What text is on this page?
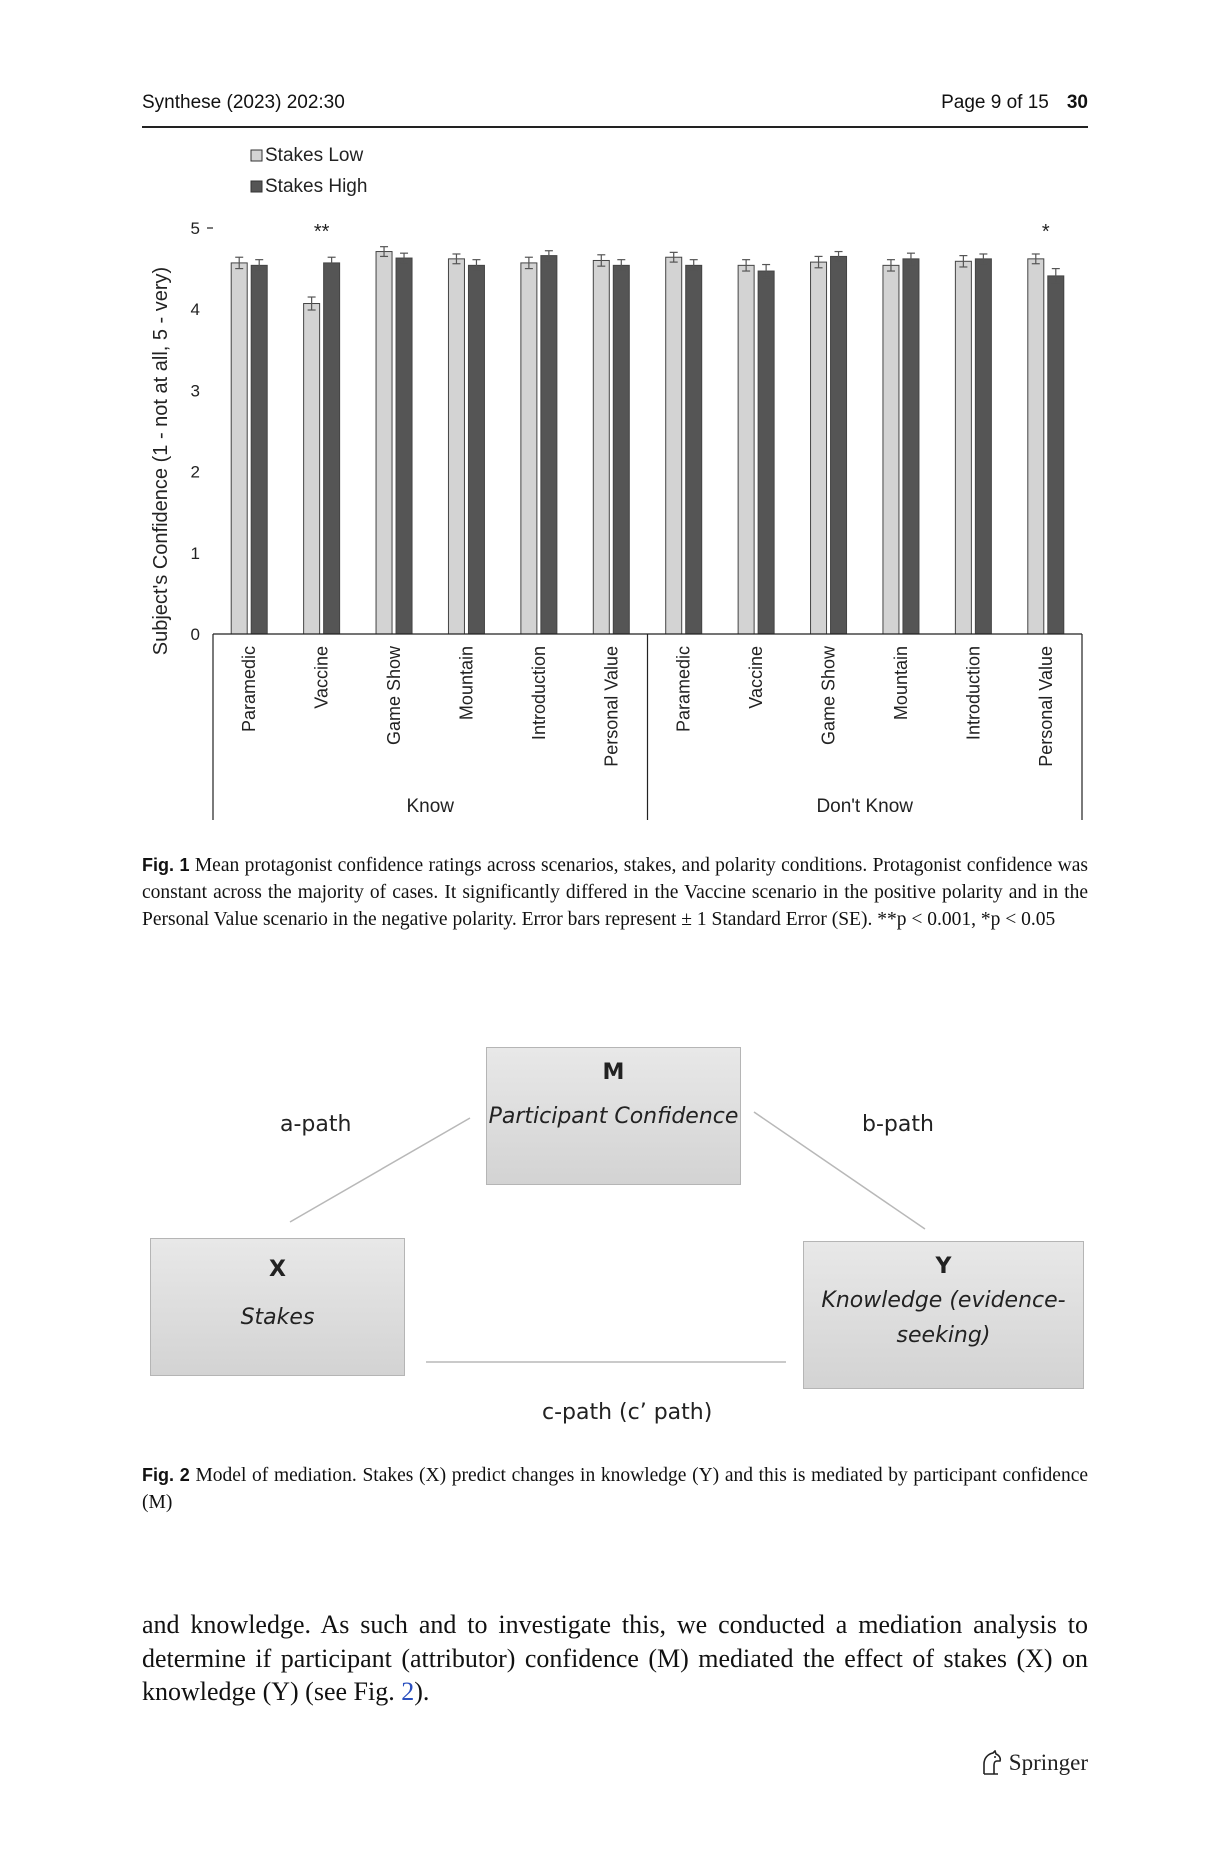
Synthese (2023) 202:30	Page 9 of 15 30
Stakes Low
Stakes High
0
1
2
3
4
5
Subject's Confidence (1 - not at all, 5 - very)
Paramedic	Vaccine	Game Show	Mountain	Introduction	Personal Value	Paramedic	Vaccine	Game Show	Mountain	Introduction	Personal Value
**	*
Know	Don't Know
Fig. 1 Mean protagonist confidence ratings across scenarios, stakes, and polarity conditions. Protagonist confidence was constant across the majority of cases. It significantly differed in the Vaccine scenario in the positive polarity and in the Personal Value scenario in the negative polarity. Error bars represent ± 1 Standard Error (SE). **p < 0.001, *p < 0.05
M
Participant Confidence
X
Stakes
Y
Knowledge (evidence-seeking)
a-path	b-path
c-path (c’ path)
Fig. 2 Model of mediation. Stakes (X) predict changes in knowledge (Y) and this is mediated by participant confidence (M)
and knowledge. As such and to investigate this, we conducted a mediation analysis to determine if participant (attributor) confidence (M) mediated the effect of stakes (X) on knowledge (Y) (see Fig. 2).
Springer
